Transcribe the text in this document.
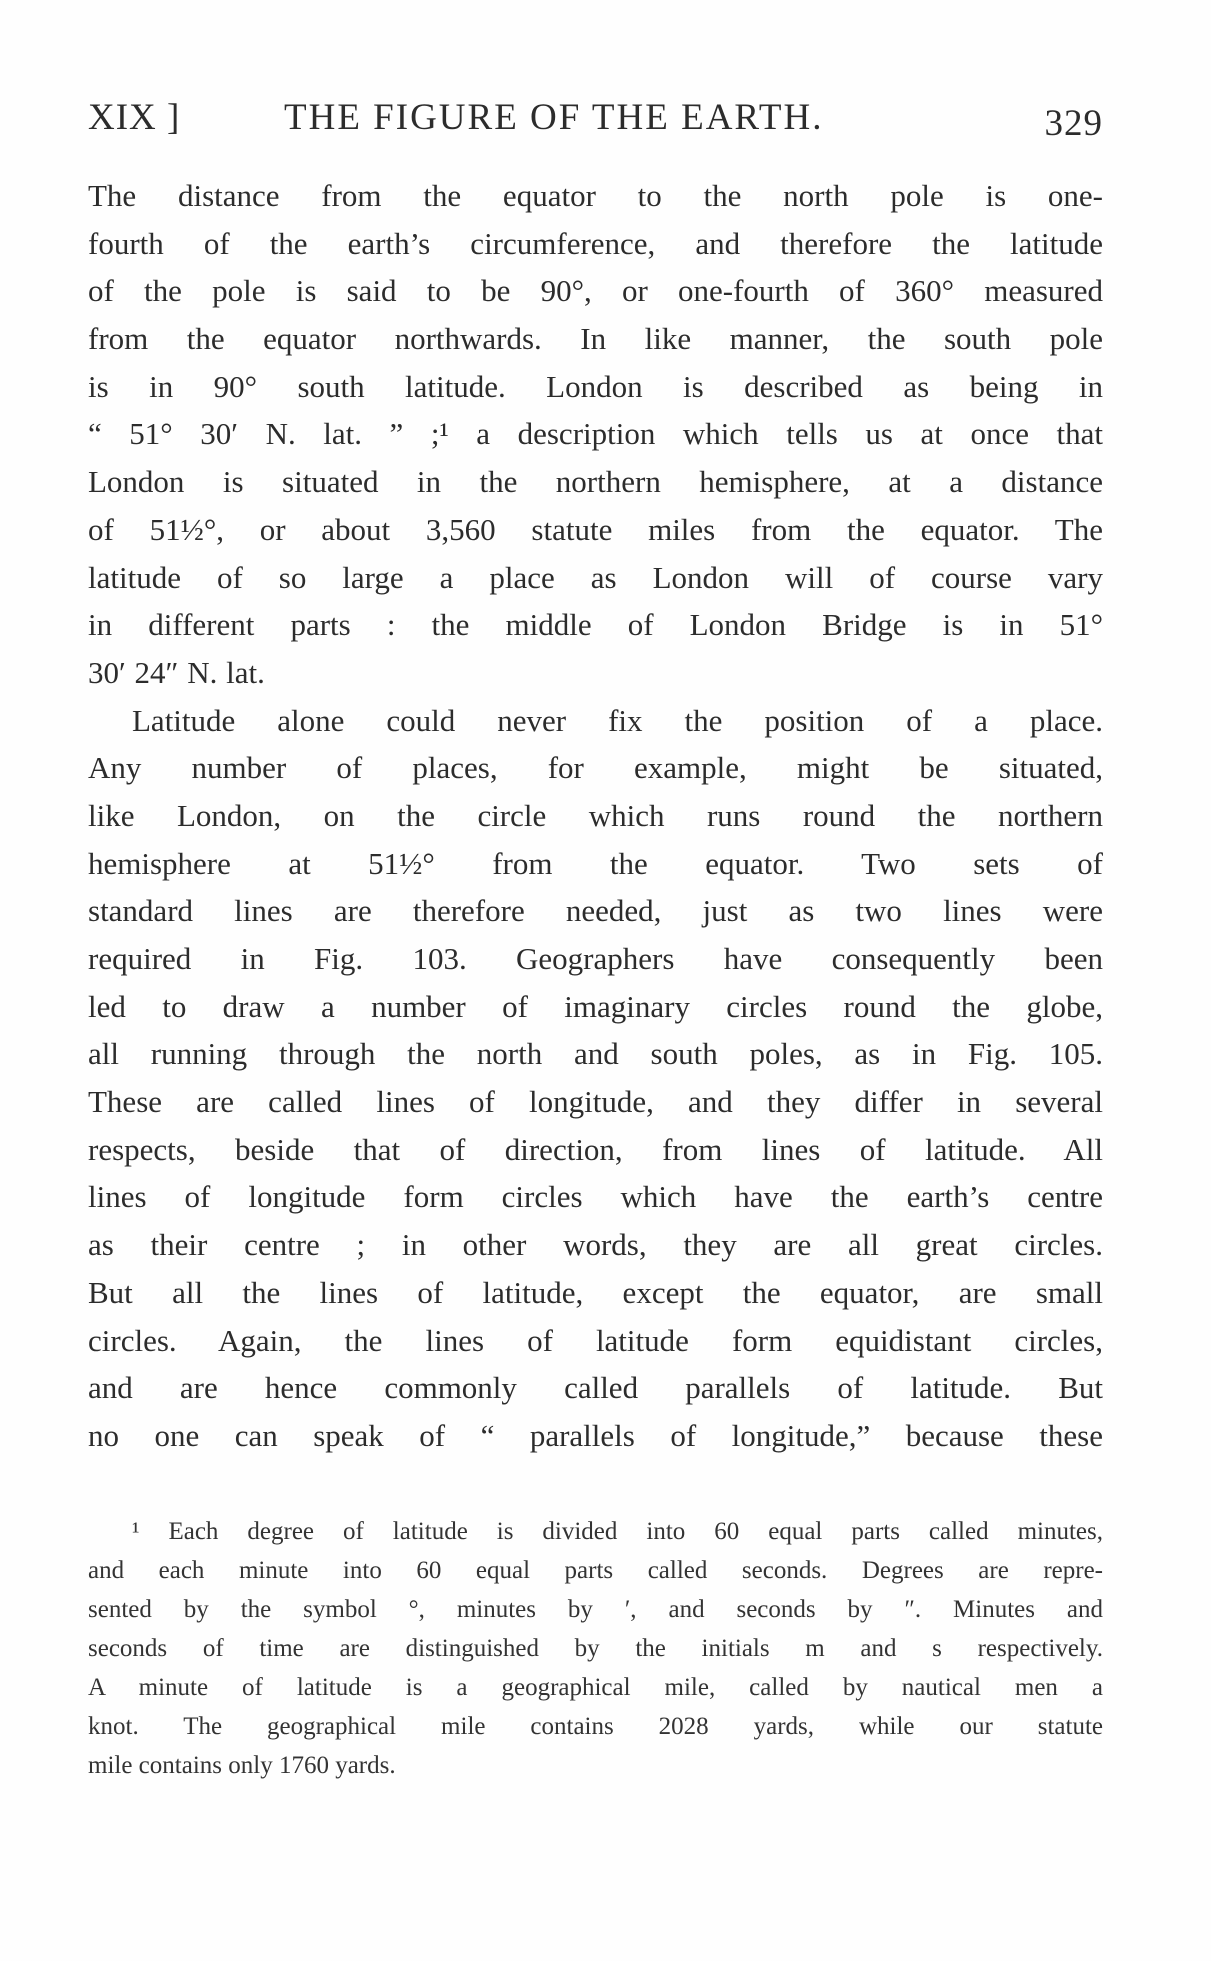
XIX ]	THE FIGURE OF THE EARTH.	329
The distance from the equator to the north pole is one-
fourth of the earth’s circumference, and therefore the latitude
of the pole is said to be 90°, or one-fourth of 360° measured
from the equator northwards. In like manner, the south pole
is in 90° south latitude. London is described as being in
“ 51° 30′ N. lat. ” ;¹ a description which tells us at once that
London is situated in the northern hemisphere, at a distance
of 51½°, or about 3,560 statute miles from the equator. The
latitude of so large a place as London will of course vary
in different parts : the middle of London Bridge is in 51°
30′ 24″ N. lat.
Latitude alone could never fix the position of a place.
Any number of places, for example, might be situated,
like London, on the circle which runs round the northern
hemisphere at 51½° from the equator. Two sets of
standard lines are therefore needed, just as two lines were
required in Fig. 103. Geographers have consequently been
led to draw a number of imaginary circles round the globe,
all running through the north and south poles, as in Fig. 105.
These are called lines of longitude, and they differ in several
respects, beside that of direction, from lines of latitude. All
lines of longitude form circles which have the earth’s centre
as their centre ; in other words, they are all great circles.
But all the lines of latitude, except the equator, are small
circles. Again, the lines of latitude form equidistant circles,
and are hence commonly called parallels of latitude. But
no one can speak of “ parallels of longitude,” because these
¹ Each degree of latitude is divided into 60 equal parts called minutes,
and each minute into 60 equal parts called seconds. Degrees are repre-
sented by the symbol °, minutes by ′, and seconds by ″. Minutes and
seconds of time are distinguished by the initials m and s respectively.
A minute of latitude is a geographical mile, called by nautical men a
knot. The geographical mile contains 2028 yards, while our statute
mile contains only 1760 yards.
